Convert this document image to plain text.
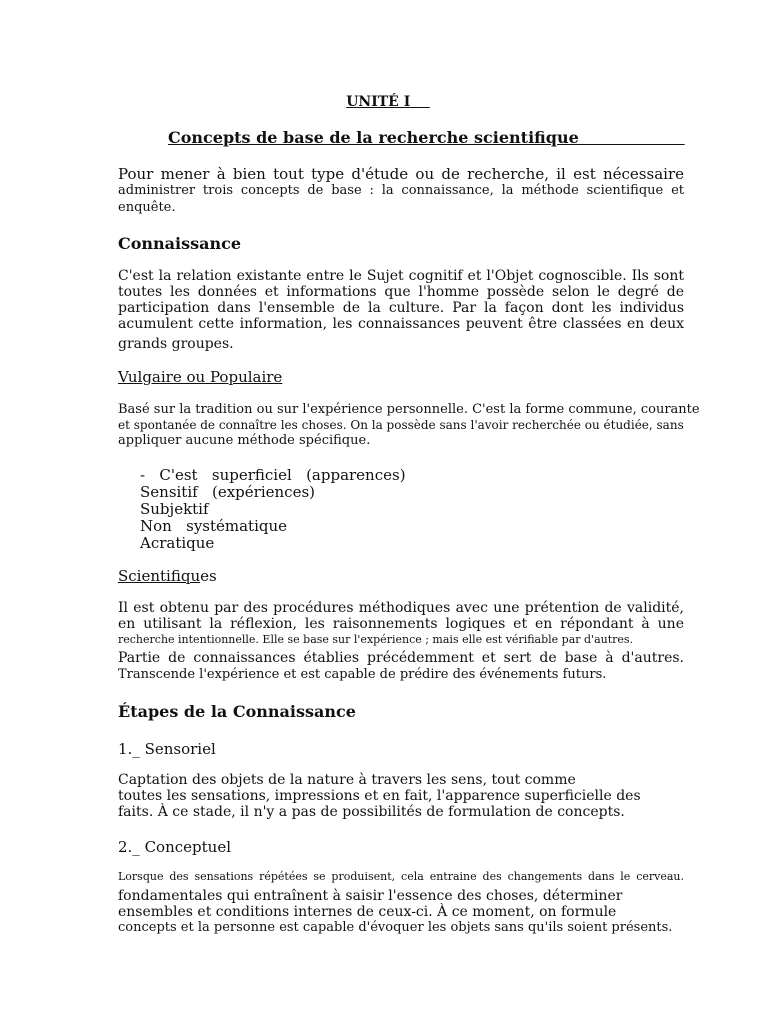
UNITÉ I
Concepts de base de la recherche scientifique
Pour mener à bien tout type d'étude ou de recherche, il est nécessaire
administrer trois concepts de base : la connaissance, la méthode scientifique et
enquête.
Connaissance
C'est la relation existante entre le Sujet cognitif et l'Objet cognoscible. Ils sont
toutes les données et informations que l'homme possède selon le degré de
participation dans l'ensemble de la culture. Par la façon dont les individus
acumulent cette information, les connaissances peuvent être classées en deux
grands groupes.
Vulgaire ou Populaire
Basé sur la tradition ou sur l'expérience personnelle. C'est la forme commune, courante
et spontanée de connaître les choses. On la possède sans l'avoir recherchée ou étudiée, sans
appliquer aucune méthode spécifique.
-   C'est   superficiel   (apparences)
Sensitif   (expériences)
Subjektif
Non   systématique
Acratique
Scientifiques
Il est obtenu par des procédures méthodiques avec une prétention de validité,
en utilisant la réflexion, les raisonnements logiques et en répondant à une
recherche intentionnelle. Elle se base sur l'expérience ; mais elle est vérifiable par d'autres.
Partie de connaissances établies précédemment et sert de base à d'autres.
Transcende l'expérience et est capable de prédire des événements futurs.
Étapes de la Connaissance
1._ Sensoriel
Captation des objets de la nature à travers les sens, tout comme
toutes les sensations, impressions et en fait, l'apparence superficielle des
faits. À ce stade, il n'y a pas de possibilités de formulation de concepts.
2._ Conceptuel
Lorsque des sensations répétées se produisent, cela entraine des changements dans le cerveau.
fondamentales qui entraînent à saisir l'essence des choses, déterminer
ensembles et conditions internes de ceux-ci. À ce moment, on formule
concepts et la personne est capable d'évoquer les objets sans qu'ils soient présents.
